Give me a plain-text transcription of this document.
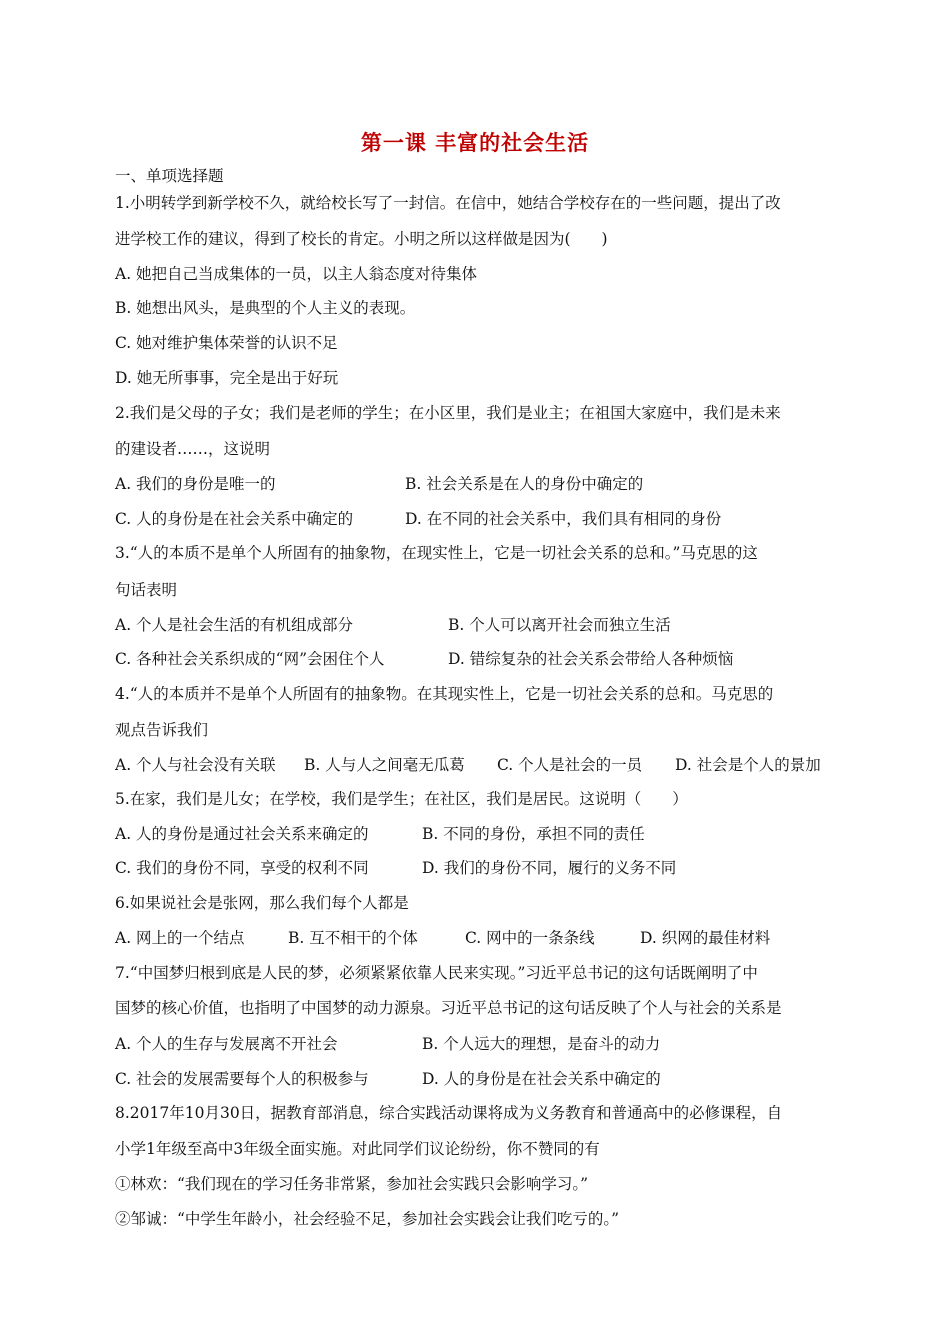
第一课 丰富的社会生活
一、单项选择题
1.小明转学到新学校不久，就给校长写了一封信。在信中，她结合学校存在的一些问题，提出了改
进学校工作的建议，得到了校长的肯定。小明之所以这样做是因为(　　)
A. 她把自己当成集体的一员，以主人翁态度对待集体
B. 她想出风头，是典型的个人主义的表现。
C. 她对维护集体荣誉的认识不足
D. 她无所事事，完全是出于好玩
2.我们是父母的子女；我们是老师的学生；在小区里，我们是业主；在祖国大家庭中，我们是未来
的建设者……，这说明
A. 我们的身份是唯一的	B. 社会关系是在人的身份中确定的
C. 人的身份是在社会关系中确定的	D. 在不同的社会关系中，我们具有相同的身份
3.“人的本质不是单个人所固有的抽象物，在现实性上，它是一切社会关系的总和。”马克思的这
句话表明
A. 个人是社会生活的有机组成部分	B. 个人可以离开社会而独立生活
C. 各种社会关系织成的“网”会困住个人	D. 错综复杂的社会关系会带给人各种烦恼
4.“人的本质并不是单个人所固有的抽象物。在其现实性上，它是一切社会关系的总和。马克思的
观点告诉我们
A. 个人与社会没有关联 B. 人与人之间毫无瓜葛 C. 个人是社会的一员 D. 社会是个人的景加
5.在家，我们是儿女；在学校，我们是学生；在社区，我们是居民。这说明（　　）
A. 人的身份是通过社会关系来确定的	B. 不同的身份，承担不同的责任
C. 我们的身份不同，享受的权利不同	D. 我们的身份不同，履行的义务不同
6.如果说社会是张网，那么我们每个人都是
A. 网上的一个结点	B. 互不相干的个体	C. 网中的一条条线	D. 织网的最佳材料
7.“中国梦归根到底是人民的梦，必须紧紧依靠人民来实现。”习近平总书记的这句话既阐明了中
国梦的核心价值，也指明了中国梦的动力源泉。习近平总书记的这句话反映了个人与社会的关系是
A. 个人的生存与发展离不开社会	B. 个人远大的理想，是奋斗的动力
C. 社会的发展需要每个人的积极参与	D. 人的身份是在社会关系中确定的
8.2017年10月30日，据教育部消息，综合实践活动课将成为义务教育和普通高中的必修课程，自
小学1年级至高中3年级全面实施。对此同学们议论纷纷，你不赞同的有
①林欢：“我们现在的学习任务非常紧，参加社会实践只会影响学习。”
②邹诚：“中学生年龄小，社会经验不足，参加社会实践会让我们吃亏的。”
